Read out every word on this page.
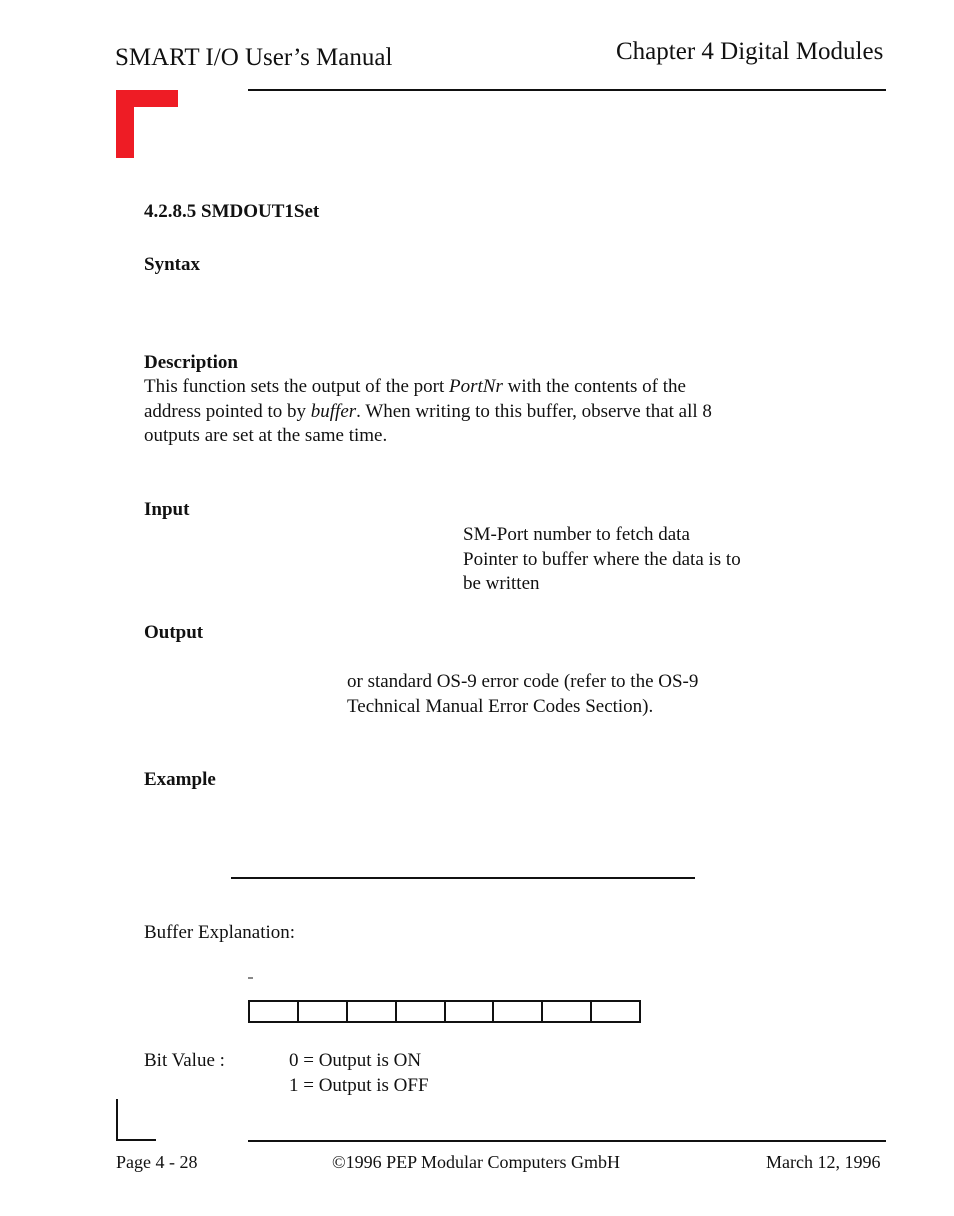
SMART I/O User’s Manual	Chapter 4 Digital Modules
4.2.8.5 SMDOUT1Set
Syntax
Description

This function sets the output of the port PortNr with the contents of the

address pointed to by buffer. When writing to this buffer, observe that all 8

outputs are set at the same time.

Input

SM-Port number to fetch data

Pointer to buffer where the data is to

be written

Output

or standard OS-9 error code (refer to the OS-9

Technical Manual Error Codes Section).

Example
Buffer Explanation:

Bit Value :	0 = Output is ON

1 = Output is OFF

Page 4 - 28	©1996 PEP Modular Computers GmbH	March 12, 1996
